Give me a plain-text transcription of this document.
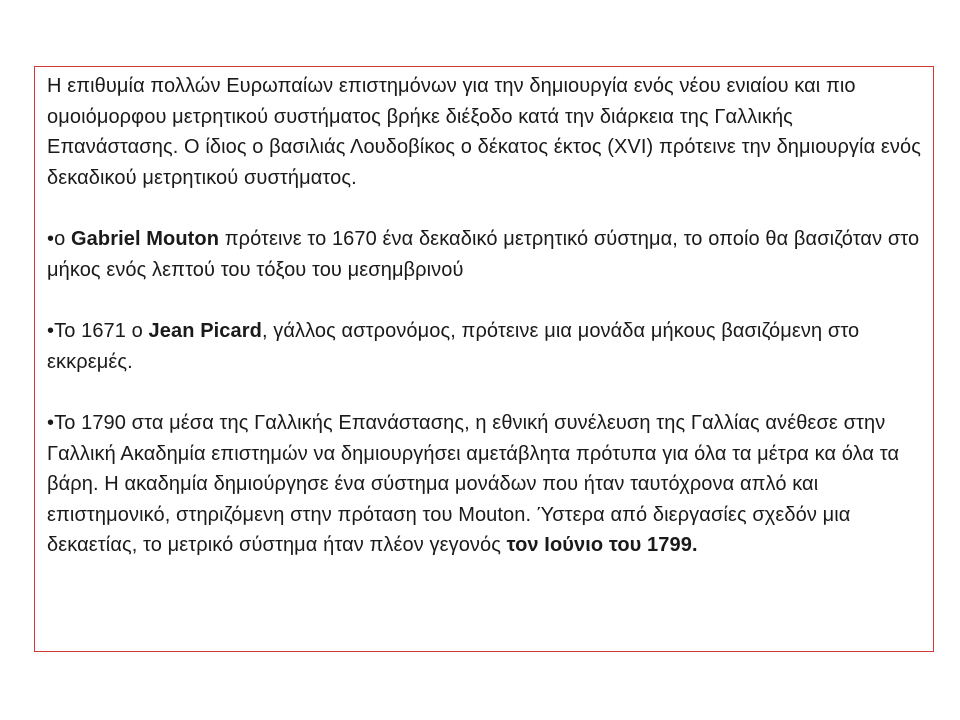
Η επιθυμία πολλών Ευρωπαίων επιστημόνων για την δημιουργία ενός νέου ενιαίου και πιο ομοιόμορφου μετρητικού συστήματος βρήκε διέξοδο κατά την διάρκεια της Γαλλικής Επανάστασης. Ο ίδιος ο βασιλιάς Λουδοβίκος ο δέκατος έκτος (XVI) πρότεινε την δημιουργία ενός δεκαδικού μετρητικού συστήματος.

•ο Gabriel Mouton πρότεινε το 1670 ένα δεκαδικό μετρητικό σύστημα, το οποίο θα βασιζόταν στο μήκος ενός λεπτού του τόξου του μεσημβρινού

•Το 1671 ο Jean Picard, γάλλος αστρονόμος, πρότεινε μια μονάδα μήκους βασιζόμενη στο εκκρεμές.

•Το 1790 στα μέσα της Γαλλικής Επανάστασης, η εθνική συνέλευση της Γαλλίας ανέθεσε στην Γαλλική Ακαδημία επιστημών να δημιουργήσει αμετάβλητα πρότυπα για όλα τα μέτρα κα όλα τα βάρη. Η ακαδημία δημιούργησε ένα σύστημα μονάδων που ήταν ταυτόχρονα απλό και επιστημονικό, στηριζόμενη στην πρόταση του Mouton. Ύστερα από διεργασίες σχεδόν μια δεκαετίας, το μετρικό σύστημα ήταν πλέον γεγονός τον Ιούνιο του 1799.
